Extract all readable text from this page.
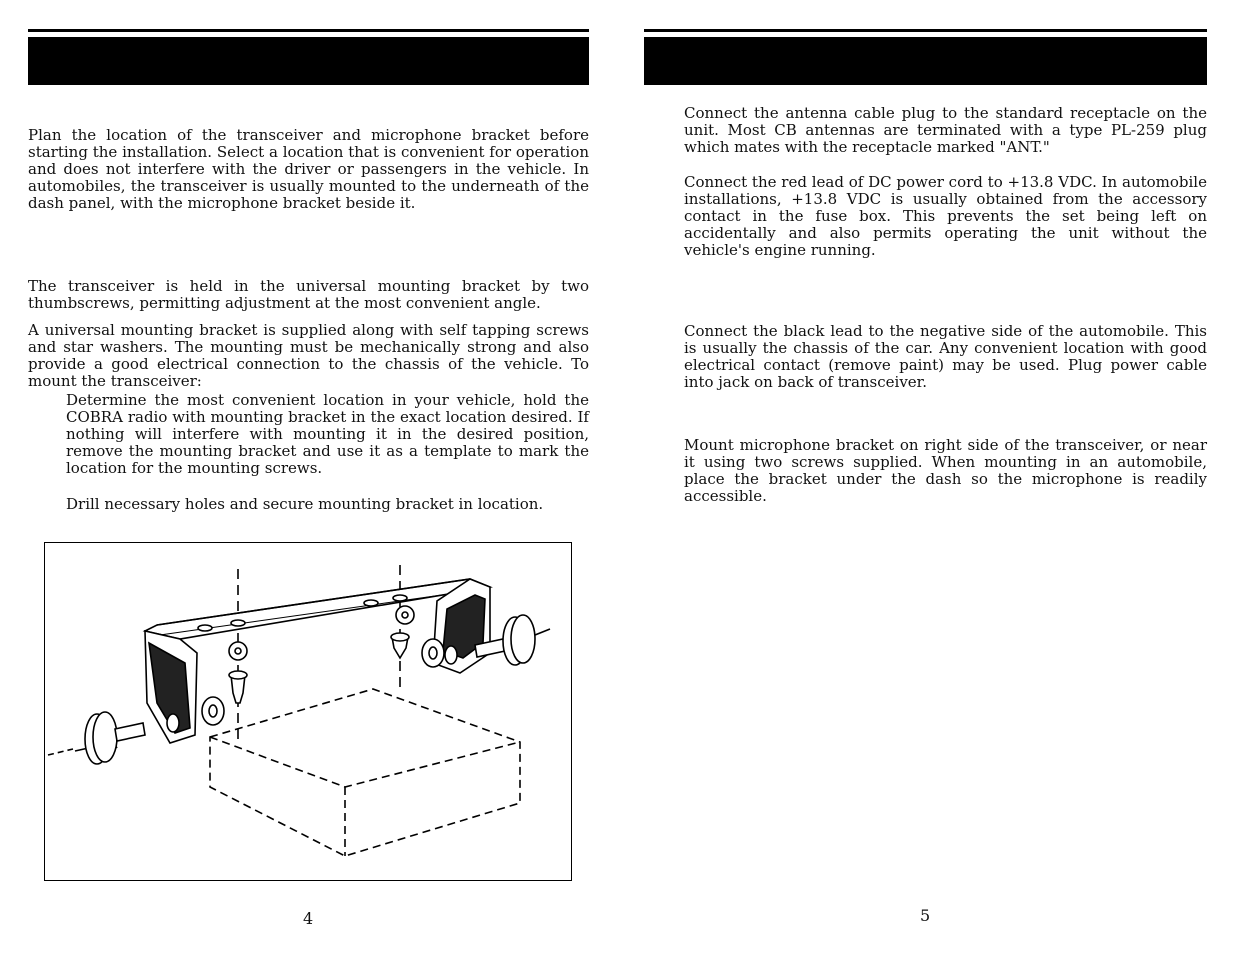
Plan the location of the transceiver and microphone bracket before starting the installation. Select a location that is convenient for operation and does not interfere with the driver or passengers in the vehicle. In automobiles, the transceiver is usually mounted to the underneath of the dash panel, with the microphone bracket beside it.

The transceiver is held in the universal mounting bracket by two thumbscrews, permitting adjustment at the most convenient angle.

A universal mounting bracket is supplied along with self tapping screws and star washers. The mounting must be mechanically strong and also provide a good electrical connection to the chassis of the vehicle. To mount the transceiver:

Determine the most convenient location in your vehicle, hold the COBRA radio with mounting bracket in the exact location desired. If nothing will interfere with mounting it in the desired position, remove the mounting bracket and use it as a template to mark the location for the mounting screws.

Drill necessary holes and secure mounting bracket in location.

4

Connect the antenna cable plug to the standard receptacle on the unit. Most CB antennas are terminated with a type PL-259 plug which mates with the receptacle marked "ANT."

Connect the red lead of DC power cord to +13.8 VDC. In automobile installations, +13.8 VDC is usually obtained from the accessory contact in the fuse box. This prevents the set being left on accidentally and also permits operating the unit without the vehicle's engine running.

Connect the black lead to the negative side of the automobile. This is usually the chassis of the car. Any convenient location with good electrical contact (remove paint) may be used. Plug power cable into jack on back of transceiver.

Mount microphone bracket on right side of the transceiver, or near it using two screws supplied. When mounting in an automobile, place the bracket under the dash so the microphone is readily accessible.

5
